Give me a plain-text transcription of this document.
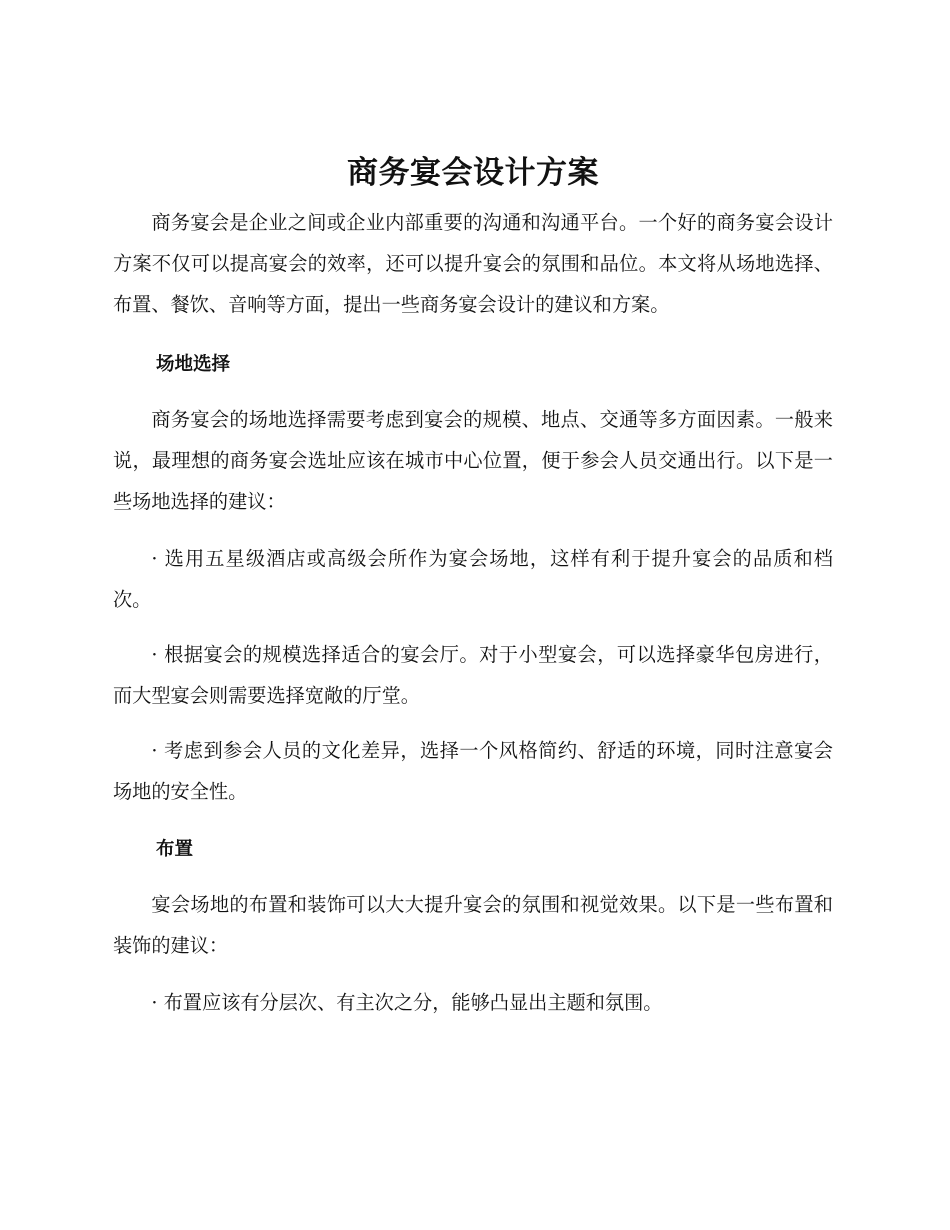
商务宴会设计方案

商务宴会是企业之间或企业内部重要的沟通和沟通平台。一个好的商务宴会设计方案不仅可以提高宴会的效率，还可以提升宴会的氛围和品位。本文将从场地选择、布置、餐饮、音响等方面，提出一些商务宴会设计的建议和方案。

场地选择

商务宴会的场地选择需要考虑到宴会的规模、地点、交通等多方面因素。一般来说，最理想的商务宴会选址应该在城市中心位置，便于参会人员交通出行。以下是一些场地选择的建议：

· 选用五星级酒店或高级会所作为宴会场地，这样有利于提升宴会的品质和档次。

· 根据宴会的规模选择适合的宴会厅。对于小型宴会，可以选择豪华包房进行，而大型宴会则需要选择宽敞的厅堂。

· 考虑到参会人员的文化差异，选择一个风格简约、舒适的环境，同时注意宴会场地的安全性。

布置

宴会场地的布置和装饰可以大大提升宴会的氛围和视觉效果。以下是一些布置和装饰的建议：

· 布置应该有分层次、有主次之分，能够凸显出主题和氛围。
